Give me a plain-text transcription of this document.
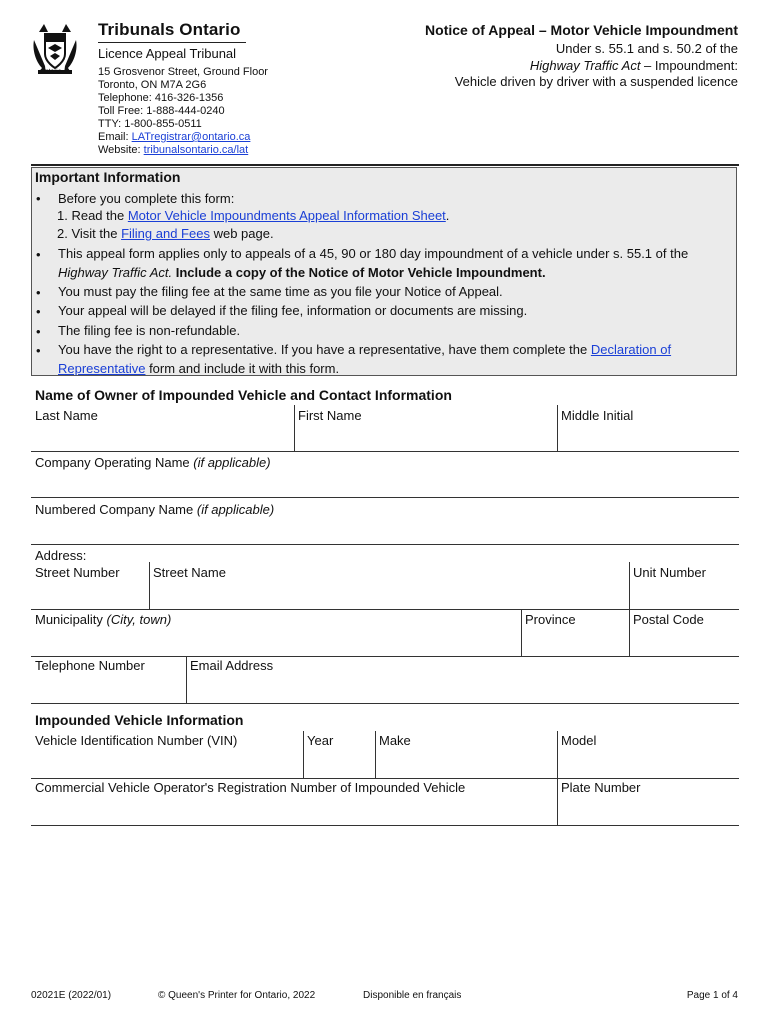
Ontario
Tribunals Ontario
Licence Appeal Tribunal
15 Grosvenor Street, Ground Floor
Toronto, ON M7A 2G6
Telephone: 416-326-1356
Toll Free: 1-888-444-0240
TTY: 1-800-855-0511
Email: LATregistrar@ontario.ca
Website: tribunalsontario.ca/lat
Notice of Appeal – Motor Vehicle Impoundment
Under s. 55.1 and s. 50.2 of the
Highway Traffic Act – Impoundment:
Vehicle driven by driver with a suspended licence
Important Information
• Before you complete this form:
1. Read the Motor Vehicle Impoundments Appeal Information Sheet.
2. Visit the Filing and Fees web page.
• This appeal form applies only to appeals of a 45, 90 or 180 day impoundment of a vehicle under s. 55.1 of the
Highway Traffic Act. Include a copy of the Notice of Motor Vehicle Impoundment.
• You must pay the filing fee at the same time as you file your Notice of Appeal.
• Your appeal will be delayed if the filing fee, information or documents are missing.
• The filing fee is non-refundable.
• You have the right to a representative. If you have a representative, have them complete the Declaration of
Representative form and include it with this form.
Name of Owner of Impounded Vehicle and Contact Information
Last Name	First Name	Middle Initial
Company Operating Name (if applicable)
Numbered Company Name (if applicable)
Address:
Street Number	Street Name	Unit Number
Municipality (City, town)	Province	Postal Code
Telephone Number	Email Address
Impounded Vehicle Information
Vehicle Identification Number (VIN)	Year	Make	Model
Commercial Vehicle Operator's Registration Number of Impounded Vehicle	Plate Number
02021E (2022/01)	© Queen's Printer for Ontario, 2022	Disponible en français	Page 1 of 4
